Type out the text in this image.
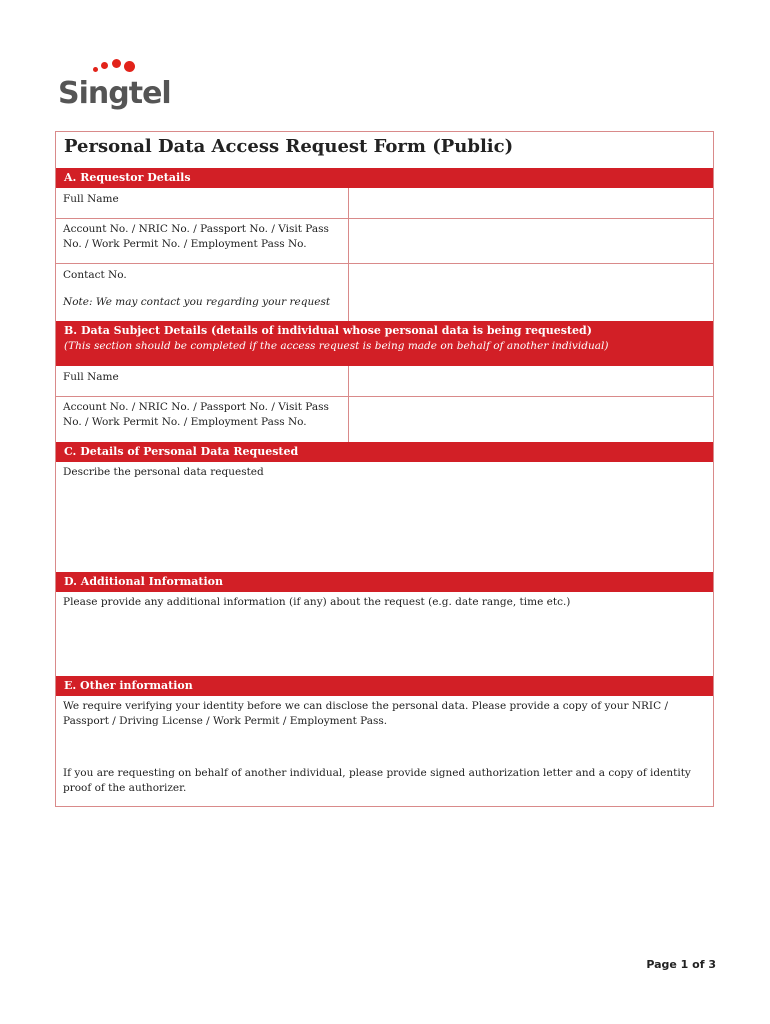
Singtel
Personal Data Access Request Form (Public)
A. Requestor Details
Full Name
Account No. / NRIC No. / Passport No. / Visit Pass No. / Work Permit No. / Employment Pass No.
Contact No.
Note: We may contact you regarding your request
B. Data Subject Details (details of individual whose personal data is being requested)
(This section should be completed if the access request is being made on behalf of another individual)
Full Name
Account No. / NRIC No. / Passport No. / Visit Pass No. / Work Permit No. / Employment Pass No.
C. Details of Personal Data Requested
Describe the personal data requested
D. Additional Information
Please provide any additional information (if any) about the request (e.g. date range, time etc.)
E. Other information
We require verifying your identity before we can disclose the personal data. Please provide a copy of your NRIC / Passport / Driving License / Work Permit / Employment Pass.
If you are requesting on behalf of another individual, please provide signed authorization letter and a copy of identity proof of the authorizer.
Page 1 of 3
